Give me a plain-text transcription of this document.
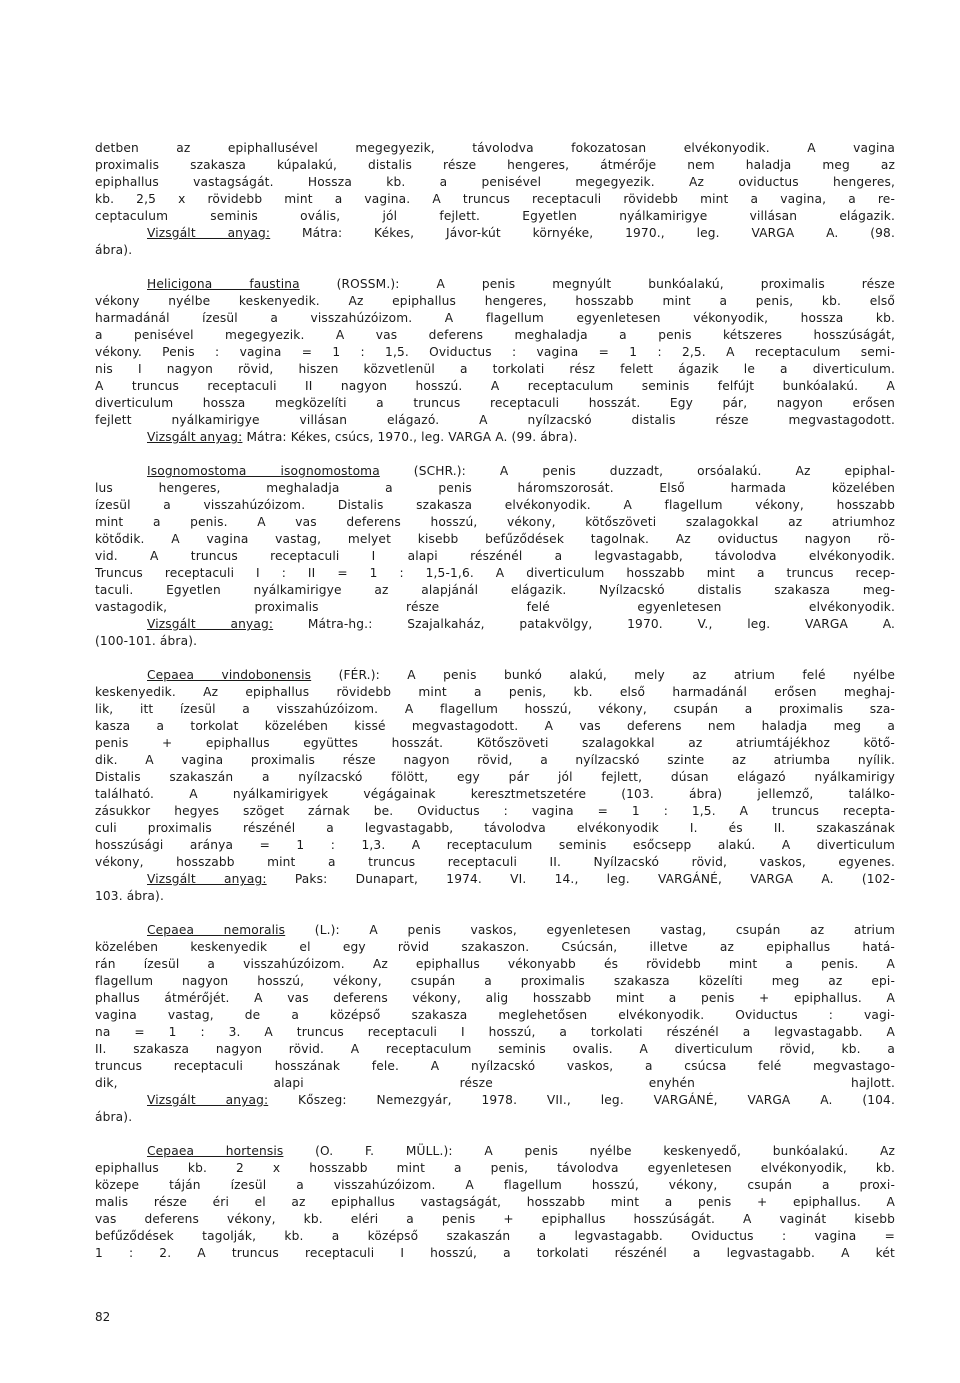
detben az epiphallusével megegyezik, távolodva fokozatosan elvékonyodik. A vagina
proximalis szakasza kúpalakú, distalis része hengeres, átmérője nem haladja meg az
epiphallus vastagságát. Hossza kb. a penisével megegyezik. Az oviductus hengeres,
kb. 2,5 x rövidebb mint a vagina. A truncus receptaculi rövidebb mint a vagina, a re-
ceptaculum seminis ovális, jól fejlett. Egyetlen nyálkamirigye villásan elágazik.
Vizsgált anyag: Mátra: Kékes, Jávor-kút környéke, 1970., leg. VARGA A. (98.
ábra).
Helicigona faustina (ROSSM.): A penis megnyúlt bunkóalakú, proximalis része
vékony nyélbe keskenyedik. Az epiphallus hengeres, hosszabb mint a penis, kb. első
harmadánál ízesül a visszahúzóizom. A flagellum egyenletesen vékonyodik, hossza kb.
a penisével megegyezik. A vas deferens meghaladja a penis kétszeres hosszúságát,
vékony. Penis : vagina = 1 : 1,5. Oviductus : vagina = 1 : 2,5. A receptaculum semi-
nis I nagyon rövid, hiszen közvetlenül a torkolati rész felett ágazik le a diverticulum.
A truncus receptaculi II nagyon hosszú. A receptaculum seminis felfújt bunkóalakú. A
diverticulum hossza megközelíti a truncus receptaculi hosszát. Egy pár, nagyon erősen
fejlett nyálkamirigye villásan elágazó. A nyílzacskó distalis része megvastagodott.
Vizsgált anyag: Mátra: Kékes, csúcs, 1970., leg. VARGA A. (99. ábra).
Isognomostoma isognomostoma (SCHR.): A penis duzzadt, orsóalakú. Az epiphal-
lus hengeres, meghaladja a penis háromszorosát. Első harmada közelében
ízesül a visszahúzóizom. Distalis szakasza elvékonyodik. A flagellum vékony, hosszabb
mint a penis. A vas deferens hosszú, vékony, kötőszöveti szalagokkal az atriumhoz
kötődik. A vagina vastag, melyet kisebb befűződések tagolnak. Az oviductus nagyon rö-
vid. A truncus receptaculi I alapi részénél a legvastagabb, távolodva elvékonyodik.
Truncus receptaculi I : II = 1 : 1,5-1,6. A diverticulum hosszabb mint a truncus recep-
taculi. Egyetlen nyálkamirigye az alapjánál elágazik. Nyílzacskó distalis szakasza meg-
vastagodik, proximalis része felé egyenletesen elvékonyodik.
Vizsgált anyag: Mátra-hg.: Szajalkaház, patakvölgy, 1970. V., leg. VARGA A.
(100-101. ábra).
Cepaea vindobonensis (FÉR.): A penis bunkó alakú, mely az atrium felé nyélbe
keskenyedik. Az epiphallus rövidebb mint a penis, kb. első harmadánál erősen meghaj-
lik, itt ízesül a visszahúzóizom. A flagellum hosszú, vékony, csupán a proximalis sza-
kasza a torkolat közelében kissé megvastagodott. A vas deferens nem haladja meg a
penis + epiphallus együttes hosszát. Kötőszöveti szalagokkal az atriumtájékhoz kötő-
dik. A vagina proximalis része nagyon rövid, a nyílzacskó szinte az atriumba nyílik.
Distalis szakaszán a nyílzacskó fölött, egy pár jól fejlett, dúsan elágazó nyálkamirigy
található. A nyálkamirigyek végágainak keresztmetszetére (103. ábra) jellemző, találko-
zásukkor hegyes szöget zárnak be. Oviductus : vagina = 1 : 1,5. A truncus recepta-
culi proximalis részénél a legvastagabb, távolodva elvékonyodik I. és II. szakaszának
hosszúsági aránya = 1 : 1,3. A receptaculum seminis esőcsepp alakú. A diverticulum
vékony, hosszabb mint a truncus receptaculi II. Nyílzacskó rövid, vaskos, egyenes.
Vizsgált anyag: Paks: Dunapart, 1974. VI. 14., leg. VARGÁNÉ, VARGA A. (102-
103. ábra).
Cepaea nemoralis (L.): A penis vaskos, egyenletesen vastag, csupán az atrium
közelében keskenyedik el egy rövid szakaszon. Csúcsán, illetve az epiphallus hatá-
rán ízesül a visszahúzóizom. Az epiphallus vékonyabb és rövidebb mint a penis. A
flagellum nagyon hosszú, vékony, csupán a proximalis szakasza közelíti meg az epi-
phallus átmérőjét. A vas deferens vékony, alig hosszabb mint a penis + epiphallus. A
vagina vastag, de a középső szakasza meglehetősen elvékonyodik. Oviductus : vagi-
na = 1 : 3. A truncus receptaculi I hosszú, a torkolati részénél a legvastagabb. A
II. szakasza nagyon rövid. A receptaculum seminis ovalis. A diverticulum rövid, kb. a
truncus receptaculi hosszának fele. A nyílzacskó vaskos, a csúcsa felé megvastago-
dik, alapi része enyhén hajlott.
Vizsgált anyag: Kőszeg: Nemezgyár, 1978. VII., leg. VARGÁNÉ, VARGA A. (104.
ábra).
Cepaea hortensis (O. F. MÜLL.): A penis nyélbe keskenyedő, bunkóalakú. Az
epiphallus kb. 2 x hosszabb mint a penis, távolodva egyenletesen elvékonyodik, kb.
közepe táján ízesül a visszahúzóizom. A flagellum hosszú, vékony, csupán a proxi-
malis része éri el az epiphallus vastagságát, hosszabb mint a penis + epiphallus. A
vas deferens vékony, kb. eléri a penis + epiphallus hosszúságát. A vaginát kisebb
befűződések tagolják, kb. a középső szakaszán a legvastagabb. Oviductus : vagina =
1 : 2. A truncus receptaculi I hosszú, a torkolati részénél a legvastagabb. A két
82
